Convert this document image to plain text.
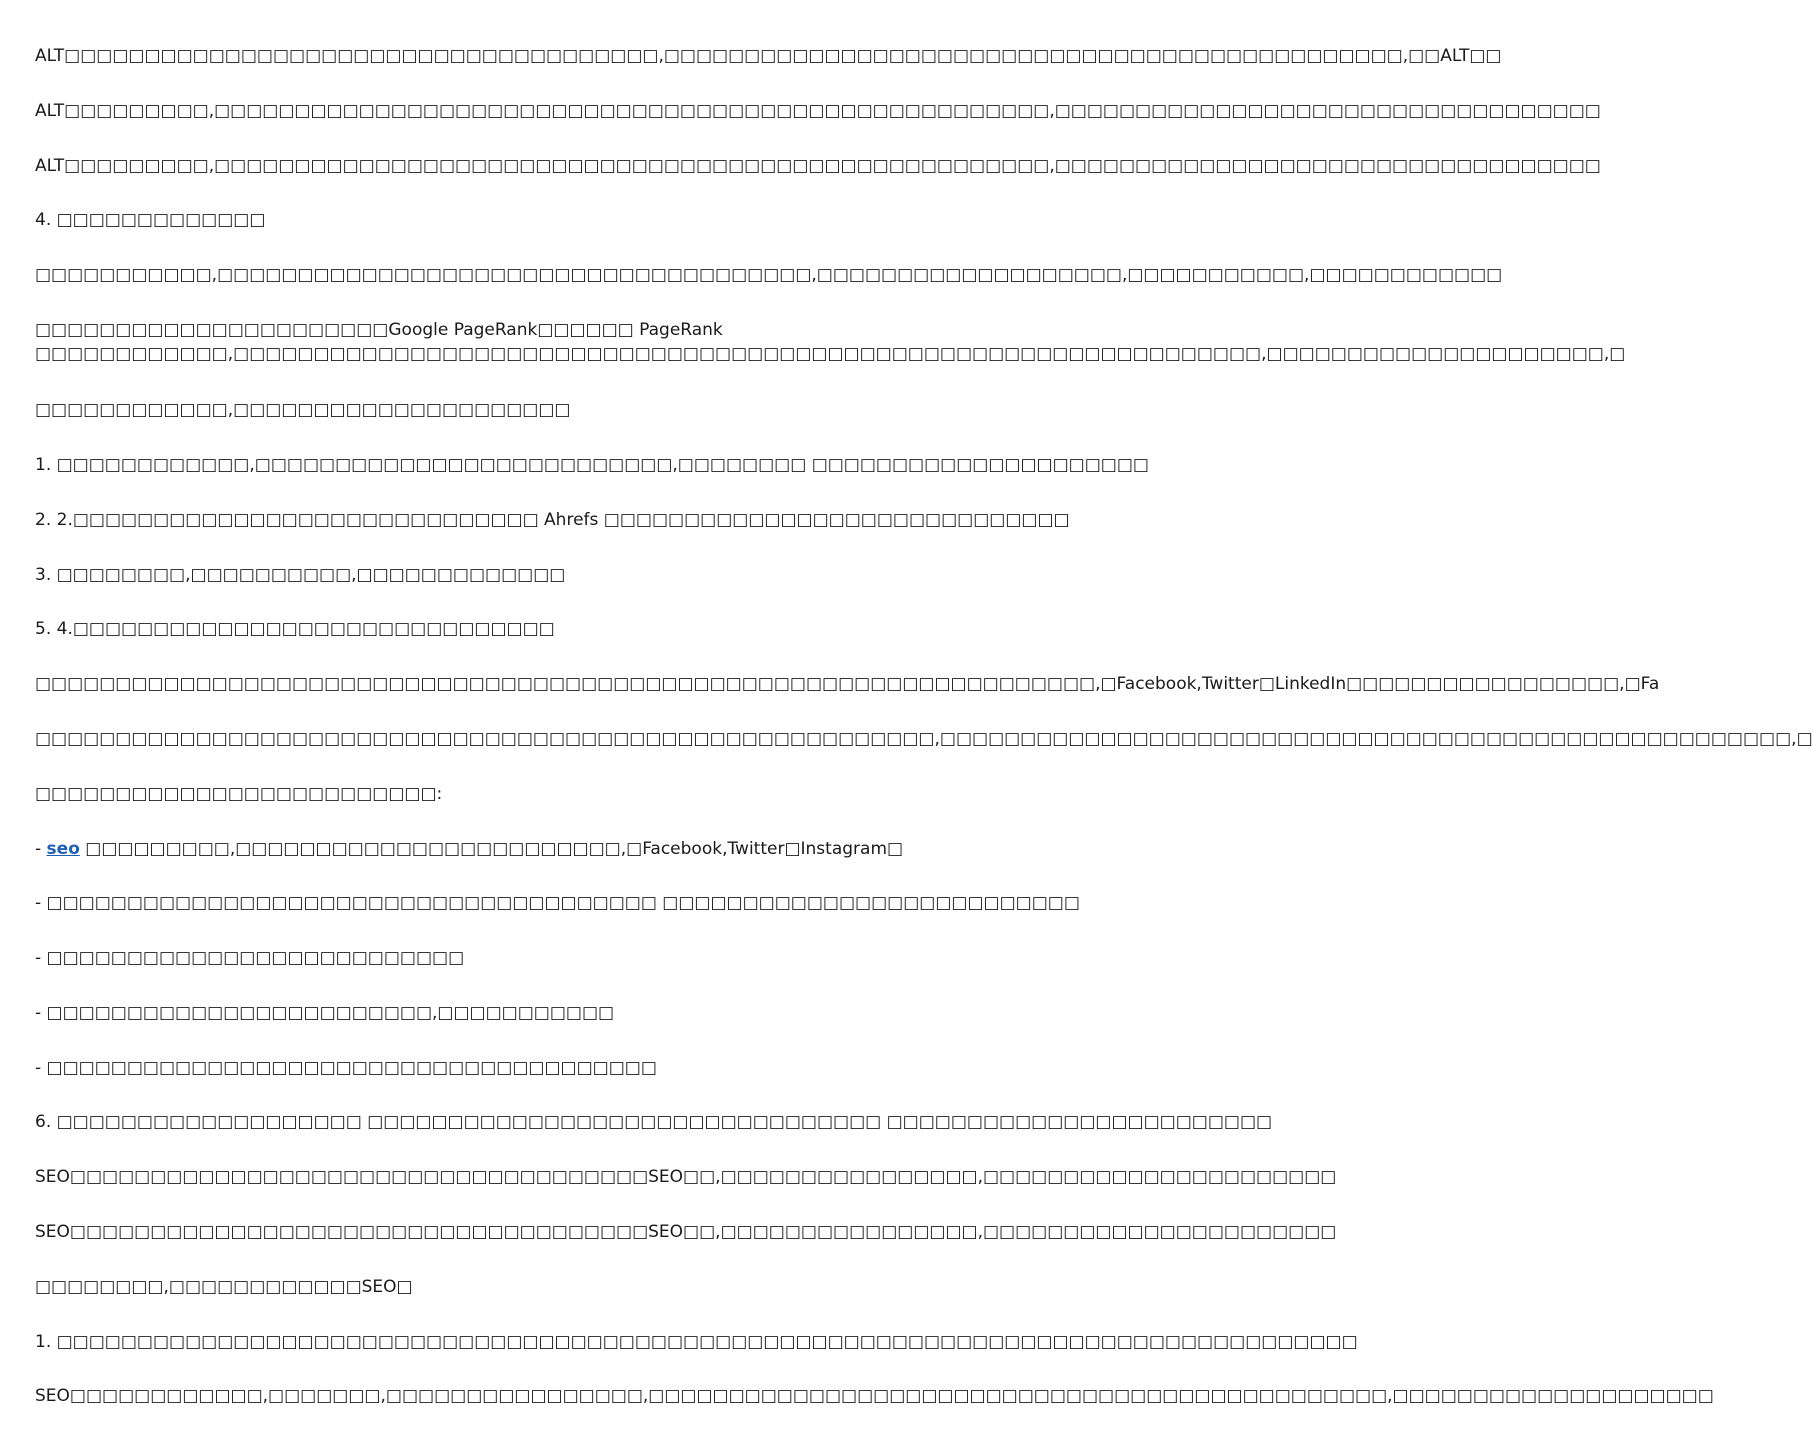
ALT□□□□□□□□□□□□□□□□□□□□□□□□□□□□□□□□□□□□□,□□□□□□□□□□□□□□□□□□□□□□□□□□□□□□□□□□□□□□□□□□□□□□,□□ALT□□

ALT□□□□□□□□□,□□□□□□□□□□□□□□□□□□□□□□□□□□□□□□□□□□□□□□□□□□□□□□□□□□□□,□□□□□□□□□□□□□□□□□□□□□□□□□□□□□□□□□□

ALT□□□□□□□□□,□□□□□□□□□□□□□□□□□□□□□□□□□□□□□□□□□□□□□□□□□□□□□□□□□□□□,□□□□□□□□□□□□□□□□□□□□□□□□□□□□□□□□□□

4. □□□□□□□□□□□□□

□□□□□□□□□□□,□□□□□□□□□□□□□□□□□□□□□□□□□□□□□□□□□□□□□,□□□□□□□□□□□□□□□□□□□,□□□□□□□□□□□,□□□□□□□□□□□□

□□□□□□□□□□□□□□□□□□□□□□Google PageRank□□□□□□ PageRank
□□□□□□□□□□□□,□□□□□□□□□□□□□□□□□□□□□□□□□□□□□□□□□□□□□□□□□□□□□□□□□□□□□□□□□□□□□□□□,□□□□□□□□□□□□□□□□□□□□□,□

□□□□□□□□□□□□,□□□□□□□□□□□□□□□□□□□□□

1. □□□□□□□□□□□□,□□□□□□□□□□□□□□□□□□□□□□□□□□,□□□□□□□□ □□□□□□□□□□□□□□□□□□□□□

2. 2.□□□□□□□□□□□□□□□□□□□□□□□□□□□□□ Ahrefs □□□□□□□□□□□□□□□□□□□□□□□□□□□□□

3. □□□□□□□□,□□□□□□□□□□,□□□□□□□□□□□□□

5. 4.□□□□□□□□□□□□□□□□□□□□□□□□□□□□□□

□□□□□□□□□□□□□□□□□□□□□□□□□□□□□□□□□□□□□□□□□□□□□□□□□□□□□□□□□□□□□□□□□□,□Facebook,Twitter□LinkedIn□□□□□□□□□□□□□□□□□,□Fa

□□□□□□□□□□□□□□□□□□□□□□□□□□□□□□□□□□□□□□□□□□□□□□□□□□□□□□□□,□□□□□□□□□□□□□□□□□□□□□□□□□□□□□□□□□□□□□□□□□□□□□□□□□□□□□,□

□□□□□□□□□□□□□□□□□□□□□□□□□:

- seo □□□□□□□□□,□□□□□□□□□□□□□□□□□□□□□□□□,□Facebook,Twitter□Instagram□

- □□□□□□□□□□□□□□□□□□□□□□□□□□□□□□□□□□□□□□ □□□□□□□□□□□□□□□□□□□□□□□□□□

- □□□□□□□□□□□□□□□□□□□□□□□□□□

- □□□□□□□□□□□□□□□□□□□□□□□□,□□□□□□□□□□□

- □□□□□□□□□□□□□□□□□□□□□□□□□□□□□□□□□□□□□□

6. □□□□□□□□□□□□□□□□□□□ □□□□□□□□□□□□□□□□□□□□□□□□□□□□□□□□ □□□□□□□□□□□□□□□□□□□□□□□□

SEO□□□□□□□□□□□□□□□□□□□□□□□□□□□□□□□□□□□□SEO□□,□□□□□□□□□□□□□□□□,□□□□□□□□□□□□□□□□□□□□□□

SEO□□□□□□□□□□□□□□□□□□□□□□□□□□□□□□□□□□□□SEO□□,□□□□□□□□□□□□□□□□,□□□□□□□□□□□□□□□□□□□□□□

□□□□□□□□,□□□□□□□□□□□□SEO□

1. □□□□□□□□□□□□□□□□□□□□□□□□□□□□□□□□□□□□□□□□□□□□□□□□□□□□□□□□□□□□□□□□□□□□□□□□□□□□□□□□□

SEO□□□□□□□□□□□□,□□□□□□□,□□□□□□□□□□□□□□□□,□□□□□□□□□□□□□□□□□□□□□□□□□□□□□□□□□□□□□□□□□□□□□□,□□□□□□□□□□□□□□□□□□□□
